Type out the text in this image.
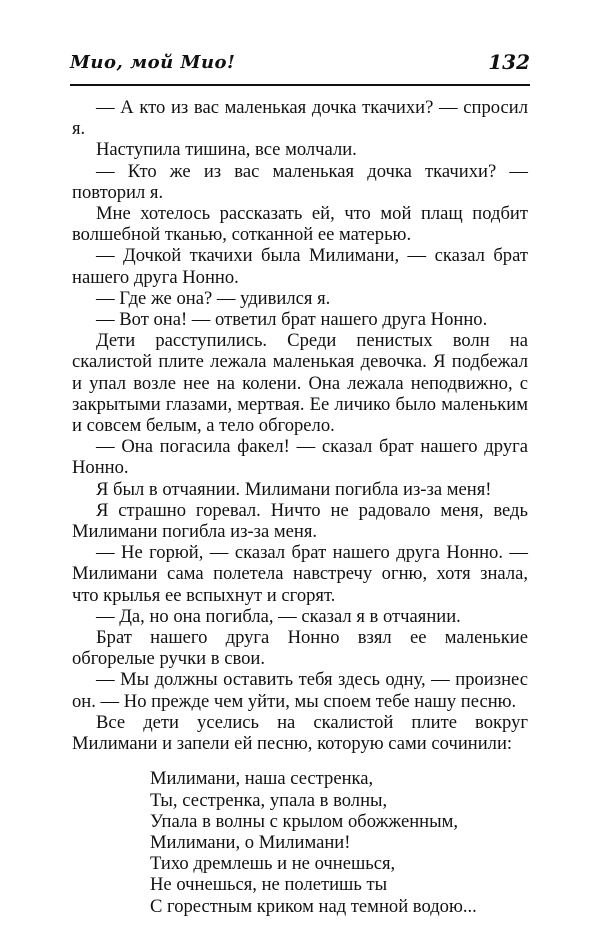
Мио, мой Мио!	132

— А кто из вас маленькая дочка ткачихи? — спросил я.

Наступила тишина, все молчали.

— Кто же из вас маленькая дочка ткачихи? — повторил я.

Мне хотелось рассказать ей, что мой плащ подбит волшебной тканью, сотканной ее матерью.

— Дочкой ткачихи была Милимани, — сказал брат нашего друга Нонно.

— Где же она? — удивился я.

— Вот она! — ответил брат нашего друга Нонно.

Дети расступились. Среди пенистых волн на скалистой плите лежала маленькая девочка. Я подбежал и упал возле нее на колени. Она лежала неподвижно, с закрытыми глазами, мертвая. Ее личико было маленьким и совсем белым, а тело обгорело.

— Она погасила факел! — сказал брат нашего друга Нонно.

Я был в отчаянии. Милимани погибла из-за меня!

Я страшно горевал. Ничто не радовало меня, ведь Милимани погибла из-за меня.

— Не горюй, — сказал брат нашего друга Нонно. — Милимани сама полетела навстречу огню, хотя знала, что крылья ее вспыхнут и сгорят.

— Да, но она погибла, — сказал я в отчаянии.

Брат нашего друга Нонно взял ее маленькие обгорелые ручки в свои.

— Мы должны оставить тебя здесь одну, — произнес он. — Но прежде чем уйти, мы споем тебе нашу песню.

Все дети уселись на скалистой плите вокруг Милимани и запели ей песню, которую сами сочинили:

Милимани, наша сестренка,
Ты, сестренка, упала в волны,
Упала в волны с крылом обожженным,
Милимани, о Милимани!
Тихо дремлешь и не очнешься,
Не очнешься, не полетишь ты
С горестным криком над темной водою...
